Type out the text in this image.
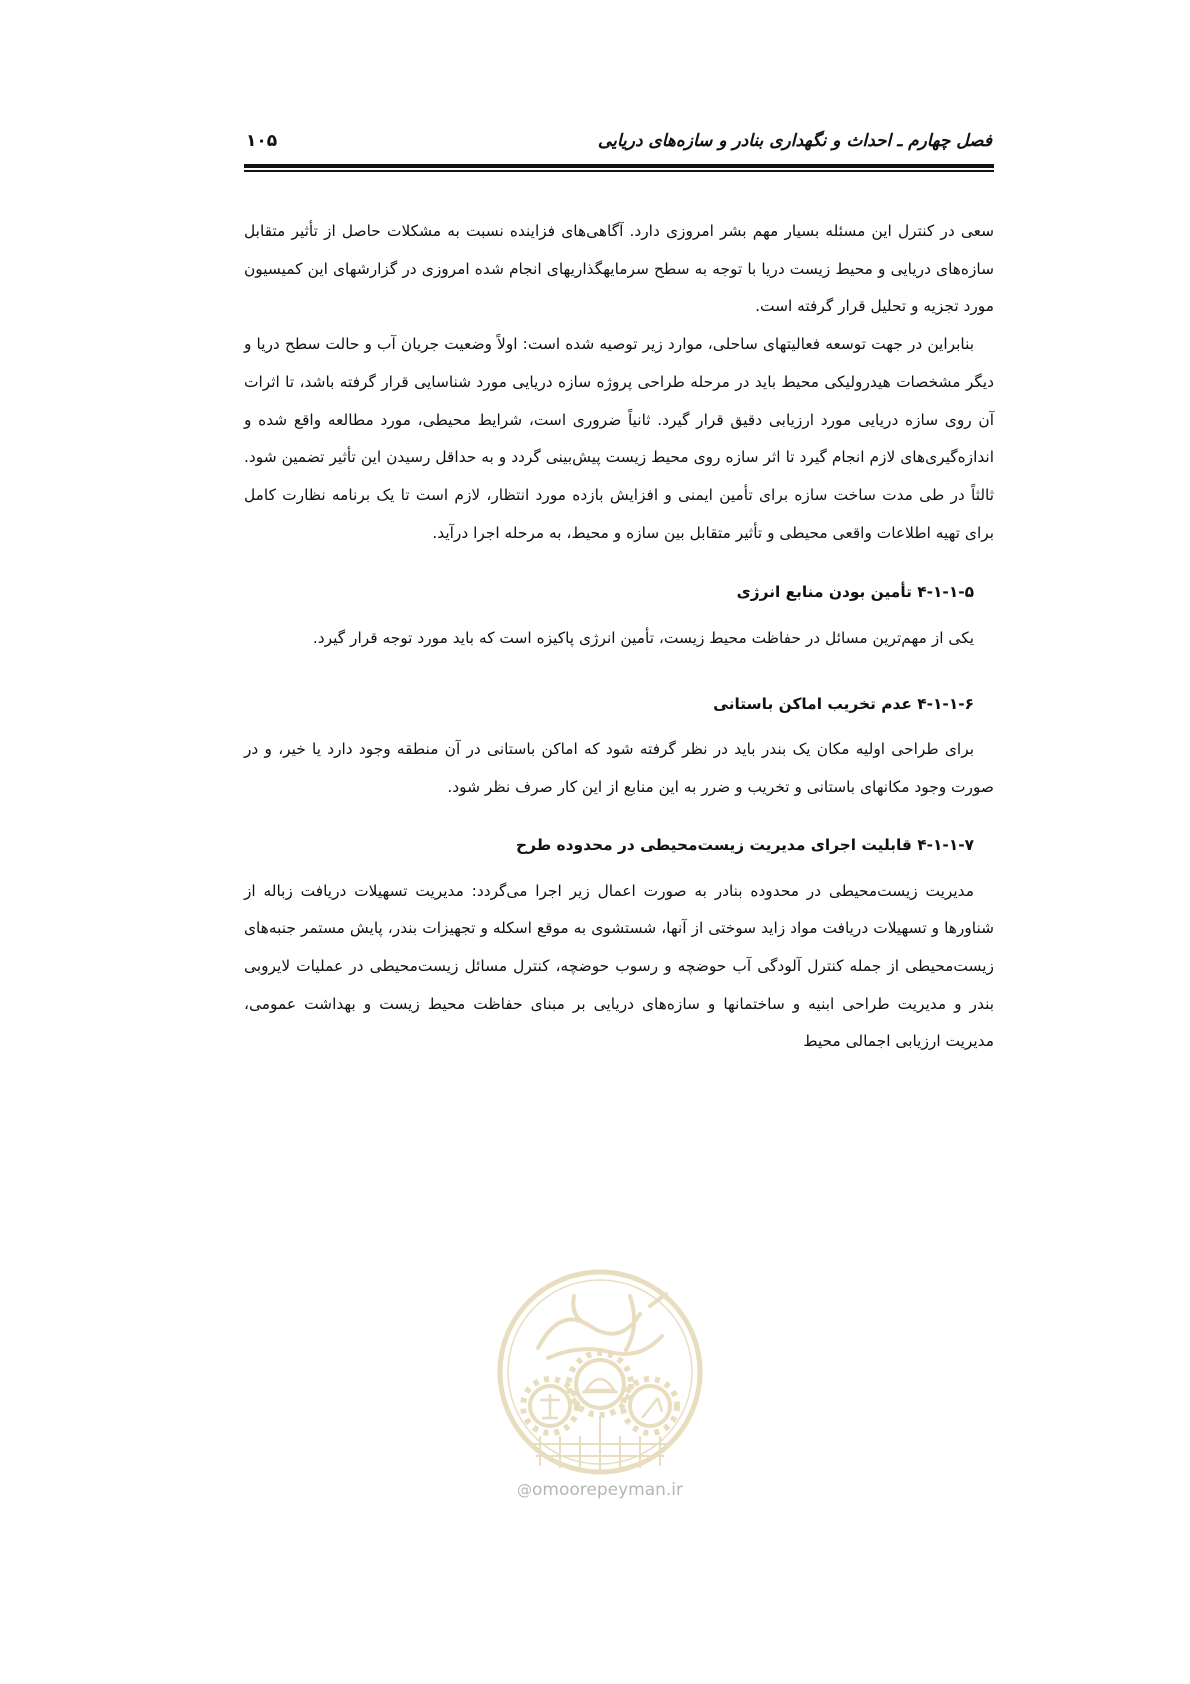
فصل چهارم ـ احداث و نگهداری بنادر و سازه‌های دریایی
۱۰۵

سعی در کنترل این مسئله بسیار مهم بشر امروزی دارد. آگاهی‌های فزاینده نسبت به مشکلات حاصل از تأثیر متقابل سازه‌های دریایی و محیط زیست دریا با توجه به سطح سرمایهگذاریهای انجام شده امروزی در گزارشهای این کمیسیون مورد تجزیه و تحلیل قرار گرفته است.

بنابراین در جهت توسعه فعالیتهای ساحلی، موارد زیر توصیه شده است: اولاً وضعیت جریان آب و حالت سطح دریا و دیگر مشخصات هیدرولیکی محیط باید در مرحله طراحی پروژه سازه دریایی مورد شناسایی قرار گرفته باشد، تا اثرات آن روی سازه دریایی مورد ارزیابی دقیق قرار گیرد. ثانیاً ضروری است، شرایط محیطی، مورد مطالعه واقع شده و اندازه‌گیری‌های لازم انجام گیرد تا اثر سازه روی محیط زیست پیش‌بینی گردد و به حداقل رسیدن این تأثیر تضمین شود. ثالثاً در طی مدت ساخت سازه برای تأمین ایمنی و افزایش بازده مورد انتظار، لازم است تا یک برنامه نظارت کامل برای تهیه اطلاعات واقعی محیطی و تأثیر متقابل بین سازه و محیط، به مرحله اجرا درآید.

۴-۱-۱-۵ تأمین بودن منابع انرژی

یکی از مهم‌ترین مسائل در حفاظت محیط زیست، تأمین انرژی پاکیزه است که باید مورد توجه قرار گیرد.

۴-۱-۱-۶ عدم تخریب اماکن باستانی

برای طراحی اولیه مکان یک بندر باید در نظر گرفته شود که اماکن باستانی در آن منطقه وجود دارد یا خیر، و در صورت وجود مکانهای باستانی و تخریب و ضرر به این منابع از این کار صرف نظر شود.

۴-۱-۱-۷ قابلیت اجرای مدیریت زیست‌محیطی در محدوده طرح

مدیریت زیست‌محیطی در محدوده بنادر به صورت اعمال زیر اجرا می‌گردد: مدیریت تسهیلات دریافت زباله از شناورها و تسهیلات دریافت مواد زاید سوختی از آنها، شستشوی به موقع اسکله و تجهیزات بندر، پایش مستمر جنبه‌های زیست‌محیطی از جمله کنترل آلودگی آب حوضچه و رسوب حوضچه، کنترل مسائل زیست‌محیطی در عملیات لایروبی بندر و مدیریت طراحی ابنیه و ساختمانها و سازه‌های دریایی بر مبنای حفاظت محیط زیست و بهداشت عمومی، مدیریت ارزیابی اجمالی محیط

@omoorepeyman.ir
